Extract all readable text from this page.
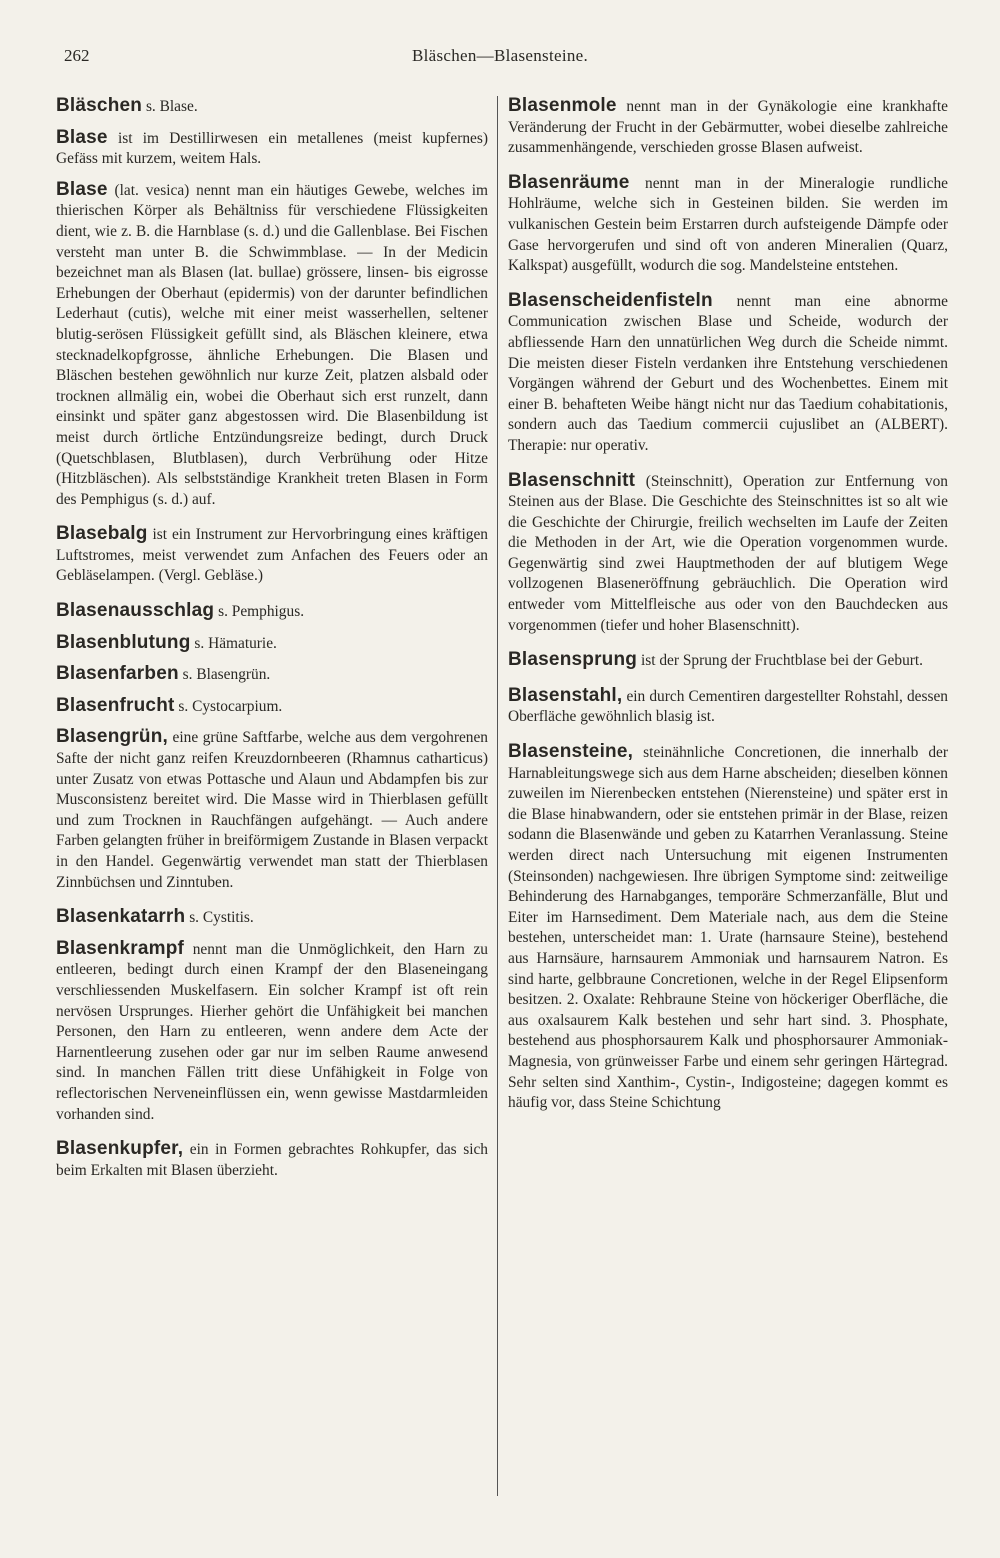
262	Bläschen—Blasensteine.

Bläschen s. Blase.

Blase ist im Destillirwesen ein metallenes (meist kupfernes) Gefäss mit kurzem, weitem Hals.

Blase (lat. vesica) nennt man ein häutiges Gewebe, welches im thierischen Körper als Behältniss für verschiedene Flüssigkeiten dient, wie z. B. die Harnblase (s. d.) und die Gallenblase. Bei Fischen versteht man unter B. die Schwimmblase. — In der Medicin bezeichnet man als Blasen (lat. bullae) grössere, linsen- bis eigrosse Erhebungen der Oberhaut (epidermis) von der darunter befindlichen Lederhaut (cutis), welche mit einer meist wasserhellen, seltener blutig-serösen Flüssigkeit gefüllt sind, als Bläschen kleinere, etwa stecknadelkopfgrosse, ähnliche Erhebungen. Die Blasen und Bläschen bestehen gewöhnlich nur kurze Zeit, platzen alsbald oder trocknen allmälig ein, wobei die Oberhaut sich erst runzelt, dann einsinkt und später ganz abgestossen wird. Die Blasenbildung ist meist durch örtliche Entzündungsreize bedingt, durch Druck (Quetschblasen, Blutblasen), durch Verbrühung oder Hitze (Hitzbläschen). Als selbstständige Krankheit treten Blasen in Form des Pemphigus (s. d.) auf.

Blasebalg ist ein Instrument zur Hervorbringung eines kräftigen Luftstromes, meist verwendet zum Anfachen des Feuers oder an Gebläselampen. (Vergl. Gebläse.)

Blasenausschlag s. Pemphigus.

Blasenblutung s. Hämaturie.

Blasenfarben s. Blasengrün.

Blasenfrucht s. Cystocarpium.

Blasengrün, eine grüne Saftfarbe, welche aus dem vergohrenen Safte der nicht ganz reifen Kreuzdornbeeren (Rhamnus catharticus) unter Zusatz von etwas Pottasche und Alaun und Abdampfen bis zur Musconsistenz bereitet wird. Die Masse wird in Thierblasen gefüllt und zum Trocknen in Rauchfängen aufgehängt. — Auch andere Farben gelangten früher in breiförmigem Zustande in Blasen verpackt in den Handel. Gegenwärtig verwendet man statt der Thierblasen Zinnbüchsen und Zinntuben.

Blasenkatarrh s. Cystitis.

Blasenkrampf nennt man die Unmöglichkeit, den Harn zu entleeren, bedingt durch einen Krampf der den Blaseneingang verschliessenden Muskelfasern. Ein solcher Krampf ist oft rein nervösen Ursprunges. Hierher gehört die Unfähigkeit bei manchen Personen, den Harn zu entleeren, wenn andere dem Acte der Harnentleerung zusehen oder gar nur im selben Raume anwesend sind. In manchen Fällen tritt diese Unfähigkeit in Folge von reflectorischen Nerveneinflüssen ein, wenn gewisse Mastdarmleiden vorhanden sind.

Blasenkupfer, ein in Formen gebrachtes Rohkupfer, das sich beim Erkalten mit Blasen überzieht.

Blasenmole nennt man in der Gynäkologie eine krankhafte Veränderung der Frucht in der Gebärmutter, wobei dieselbe zahlreiche zusammenhängende, verschieden grosse Blasen aufweist.

Blasenräume nennt man in der Mineralogie rundliche Hohlräume, welche sich in Gesteinen bilden. Sie werden im vulkanischen Gestein beim Erstarren durch aufsteigende Dämpfe oder Gase hervorgerufen und sind oft von anderen Mineralien (Quarz, Kalkspat) ausgefüllt, wodurch die sog. Mandelsteine entstehen.

Blasenscheidenfisteln nennt man eine abnorme Communication zwischen Blase und Scheide, wodurch der abfliessende Harn den unnatürlichen Weg durch die Scheide nimmt. Die meisten dieser Fisteln verdanken ihre Entstehung verschiedenen Vorgängen während der Geburt und des Wochenbettes. Einem mit einer B. behafteten Weibe hängt nicht nur das Taedium cohabitationis, sondern auch das Taedium commercii cujuslibet an (ALBERT). Therapie: nur operativ.

Blasenschnitt (Steinschnitt), Operation zur Entfernung von Steinen aus der Blase. Die Geschichte des Steinschnittes ist so alt wie die Geschichte der Chirurgie, freilich wechselten im Laufe der Zeiten die Methoden in der Art, wie die Operation vorgenommen wurde. Gegenwärtig sind zwei Hauptmethoden der auf blutigem Wege vollzogenen Blaseneröffnung gebräuchlich. Die Operation wird entweder vom Mittelfleische aus oder von den Bauchdecken aus vorgenommen (tiefer und hoher Blasenschnitt).

Blasensprung ist der Sprung der Fruchtblase bei der Geburt.

Blasenstahl, ein durch Cementiren dargestellter Rohstahl, dessen Oberfläche gewöhnlich blasig ist.

Blasensteine, steinähnliche Concretionen, die innerhalb der Harnableitungswege sich aus dem Harne abscheiden; dieselben können zuweilen im Nierenbecken entstehen (Nierensteine) und später erst in die Blase hinabwandern, oder sie entstehen primär in der Blase, reizen sodann die Blasenwände und geben zu Katarrhen Veranlassung. Steine werden direct nach Untersuchung mit eigenen Instrumenten (Steinsonden) nachgewiesen. Ihre übrigen Symptome sind: zeitweilige Behinderung des Harnabganges, temporäre Schmerzanfälle, Blut und Eiter im Harnsediment. Dem Materiale nach, aus dem die Steine bestehen, unterscheidet man: 1. Urate (harnsaure Steine), bestehend aus Harnsäure, harnsaurem Ammoniak und harnsaurem Natron. Es sind harte, gelbbraune Concretionen, welche in der Regel Elipsenform besitzen. 2. Oxalate: Rehbraune Steine von höckeriger Oberfläche, die aus oxalsaurem Kalk bestehen und sehr hart sind. 3. Phosphate, bestehend aus phosphorsaurem Kalk und phosphorsaurer Ammoniak-Magnesia, von grünweisser Farbe und einem sehr geringen Härtegrad. Sehr selten sind Xanthim-, Cystin-, Indigosteine; dagegen kommt es häufig vor, dass Steine Schichtung
